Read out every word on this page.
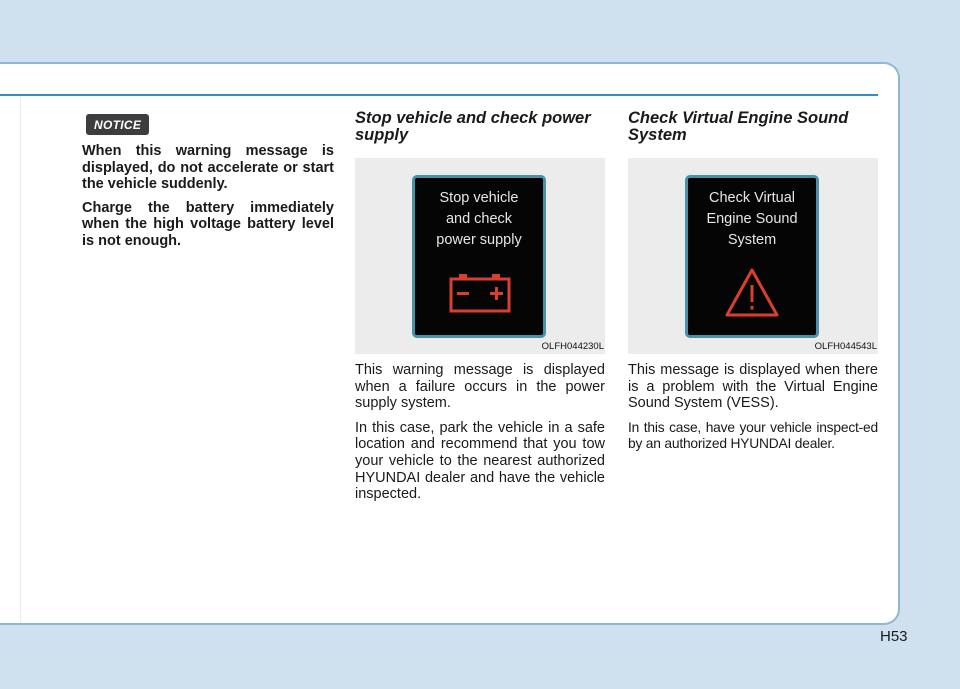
NOTICE

When this warning message is displayed, do not accelerate or start the vehicle suddenly.

Charge the battery immediately when the high voltage battery level is not enough.

Stop vehicle and check power supply
Stop vehicle
and check
power supply
OLFH044230L

This warning message is displayed when a failure occurs in the power supply system.

In this case, park the vehicle in a safe location and recommend that you tow your vehicle to the nearest authorized HYUNDAI dealer and have the vehicle inspected.

Check Virtual Engine Sound System
Check Virtual
Engine Sound
System
OLFH044543L

This message is displayed when there is a problem with the Virtual Engine Sound System (VESS).

In this case, have your vehicle inspect-ed by an authorized HYUNDAI dealer.

H53
